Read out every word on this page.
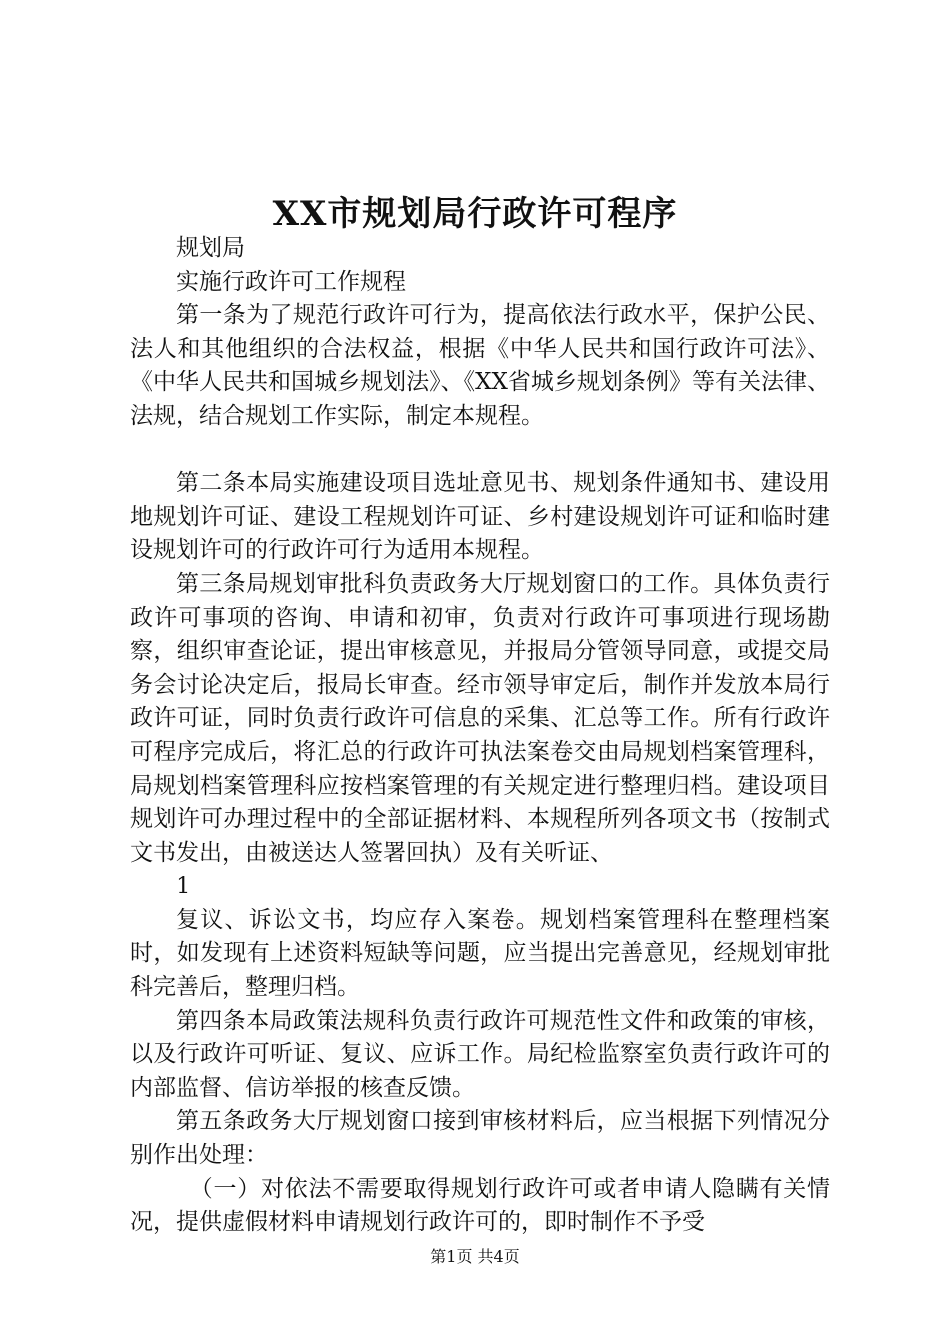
XX市规划局行政许可程序

规划局

实施行政许可工作规程

第一条为了规范行政许可行为，提高依法行政水平，保护公民、法人和其他组织的合法权益，根据《中华人民共和国行政许可法》、《中华人民共和国城乡规划法》、《XX省城乡规划条例》等有关法律、法规，结合规划工作实际，制定本规程。

第二条本局实施建设项目选址意见书、规划条件通知书、建设用地规划许可证、建设工程规划许可证、乡村建设规划许可证和临时建设规划许可的行政许可行为适用本规程。

第三条局规划审批科负责政务大厅规划窗口的工作。具体负责行政许可事项的咨询、申请和初审，负责对行政许可事项进行现场勘察，组织审查论证，提出审核意见，并报局分管领导同意，或提交局务会讨论决定后，报局长审查。经市领导审定后，制作并发放本局行政许可证，同时负责行政许可信息的采集、汇总等工作。所有行政许可程序完成后，将汇总的行政许可执法案卷交由局规划档案管理科，局规划档案管理科应按档案管理的有关规定进行整理归档。建设项目规划许可办理过程中的全部证据材料、本规程所列各项文书（按制式文书发出，由被送达人签署回执）及有关听证、

1

复议、诉讼文书，均应存入案卷。规划档案管理科在整理档案时，如发现有上述资料短缺等问题，应当提出完善意见，经规划审批科完善后，整理归档。

第四条本局政策法规科负责行政许可规范性文件和政策的审核，以及行政许可听证、复议、应诉工作。局纪检监察室负责行政许可的内部监督、信访举报的核查反馈。

第五条政务大厅规划窗口接到审核材料后，应当根据下列情况分别作出处理：

（一）对依法不需要取得规划行政许可或者申请人隐瞒有关情况，提供虚假材料申请规划行政许可的，即时制作不予受

第1页 共4页
